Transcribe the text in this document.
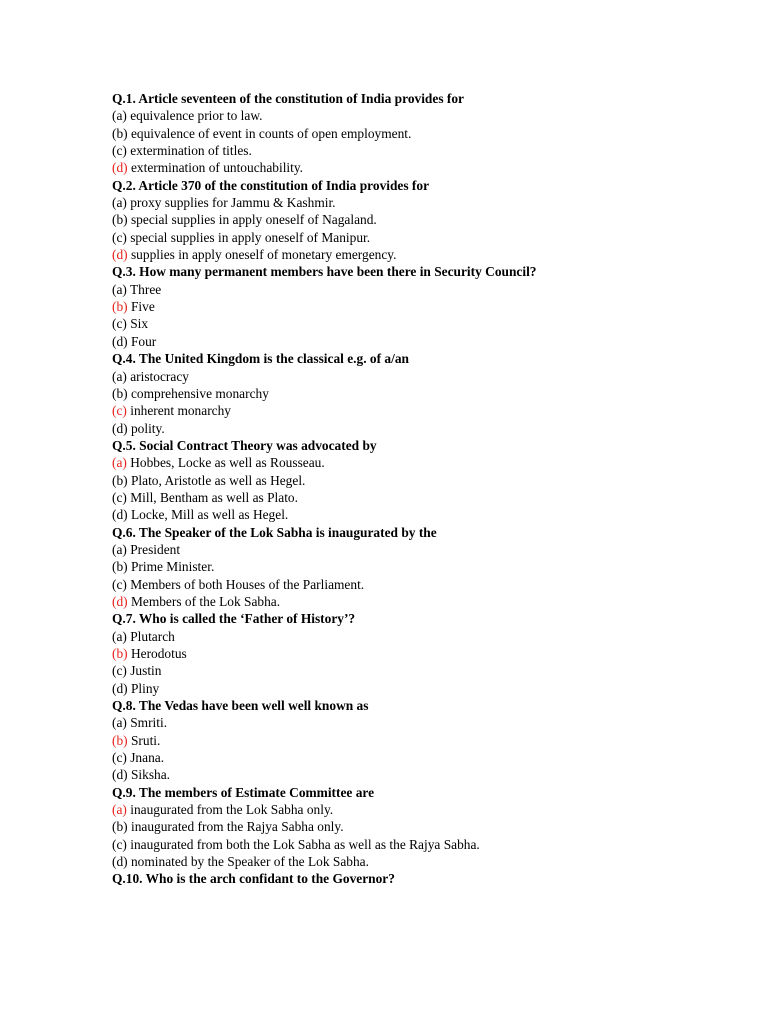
Q.1. Article seventeen of the constitution of India provides for
(a) equivalence prior to law.
(b) equivalence of event in counts of open employment.
(c) extermination of titles.
(d) extermination of untouchability.
Q.2. Article 370 of the constitution of India provides for
(a) proxy supplies for Jammu & Kashmir.
(b) special supplies in apply oneself of Nagaland.
(c) special supplies in apply oneself of Manipur.
(d) supplies in apply oneself of monetary emergency.
Q.3. How many permanent members have been there in Security Council?
(a) Three
(b) Five
(c) Six
(d) Four
Q.4. The United Kingdom is the classical e.g. of a/an
(a) aristocracy
(b) comprehensive monarchy
(c) inherent monarchy
(d) polity.
Q.5. Social Contract Theory was advocated by
(a) Hobbes, Locke as well as Rousseau.
(b) Plato, Aristotle as well as Hegel.
(c) Mill, Bentham as well as Plato.
(d) Locke, Mill as well as Hegel.
Q.6. The Speaker of the Lok Sabha is inaugurated by the
(a) President
(b) Prime Minister.
(c) Members of both Houses of the Parliament.
(d) Members of the Lok Sabha.
Q.7. Who is called the ‘Father of History’?
(a) Plutarch
(b) Herodotus
(c) Justin
(d) Pliny
Q.8. The Vedas have been well well known as
(a) Smriti.
(b) Sruti.
(c) Jnana.
(d) Siksha.
Q.9. The members of Estimate Committee are
(a) inaugurated from the Lok Sabha only.
(b) inaugurated from the Rajya Sabha only.
(c) inaugurated from both the Lok Sabha as well as the Rajya Sabha.
(d) nominated by the Speaker of the Lok Sabha.
Q.10. Who is the arch confidant to the Governor?
